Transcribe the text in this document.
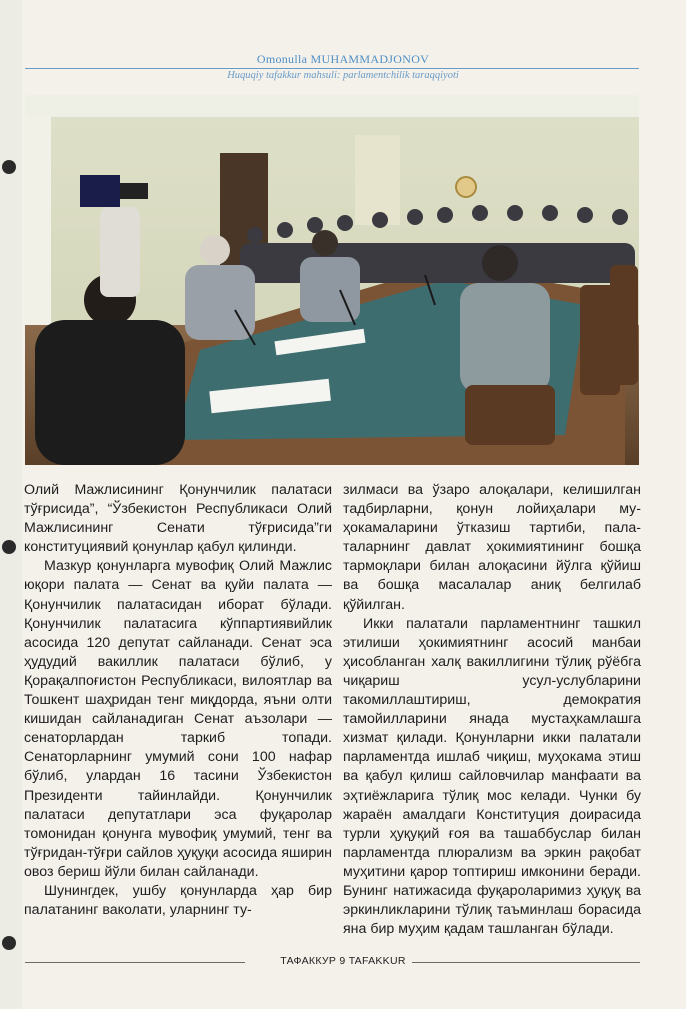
Omonulla MUHAMMADJONOV
Huquqiy tafakkur mahsuli: parlamentchilik taraqqiyoti

Олий Мажлисининг Қонунчилик палатаси тўғрисида”, “Ўзбекистон Республикаси Олий Мажлисининг Сенати тўғрисида”ги конституциявий қонунлар қабул қилинди.

Мазкур қонунларга мувофиқ Олий Мажлис юқори палата — Сенат ва қуйи палата — Қонунчилик палатасидан иборат бўлади. Қонунчилик палатасига кўппартиявийлик асосида 120 депутат сайланади. Сенат эса ҳудудий вакиллик палатаси бўлиб, у Қорақалпоғистон Республикаси, вилоятлар ва Тошкент шаҳридан тенг миқдорда, яъни олти кишидан сайланадиган Сенат аъзолари — сенаторлардан таркиб топади. Сенаторларнинг умумий сони 100 нафар бўлиб, улардан 16 тасини Ўзбекистон Президенти тайинлайди. Қонунчилик палатаси депутатлари эса фуқаролар томонидан қонунга мувофиқ умумий, тенг ва тўғридан-тўғри сайлов ҳуқуқи асосида яширин овоз бериш йўли билан сайланади.

Шунингдек, ушбу қонунларда ҳар бир палатанинг ваколати, уларнинг ту-

зилмаси ва ўзаро алоқалари, келишилган тадбирларни, қонун лойиҳалари муҳокамаларини ўтказиш тартиби, палаталарнинг давлат ҳокимиятининг бошқа тармоқлари билан алоқасини йўлга қўйиш ва бошқа масалалар аниқ белгилаб қўйилган.

Икки палатали парламентнинг ташкил этилиши ҳокимиятнинг асосий манбаи ҳисобланган халқ вакиллигини тўлиқ рўёбга чиқариш усул-услубларини такомиллаштириш, демократия тамойилларини янада мустаҳкамлашга хизмат қилади. Қонунларни икки палатали парламентда ишлаб чиқиш, муҳокама этиш ва қабул қилиш сайловчилар манфаати ва эҳтиёжларига тўлиқ мос келади. Чунки бу жараён амалдаги Конституция доирасида турли ҳуқуқий ғоя ва ташаббуслар билан парламентда плюрализм ва эркин рақобат муҳитини қарор топтириш имконини беради. Бунинг натижасида фуқароларимиз ҳуқуқ ва эркинликларини тўлиқ таъминлаш борасида яна бир муҳим қадам ташланган бўлади.

ТАФАККУР 9 TAFAKKUR
